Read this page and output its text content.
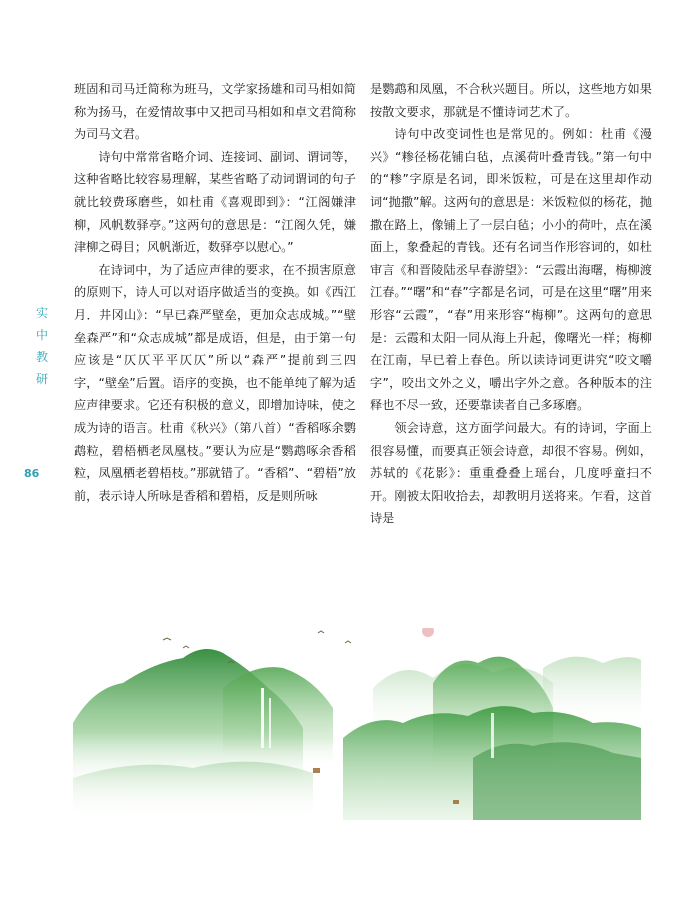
实中教研
86

班固和司马迁简称为班马，文学家扬雄和司马相如简称为扬马，在爱情故事中又把司马相如和卓文君简称为司马文君。

诗句中常常省略介词、连接词、副词、谓词等，这种省略比较容易理解，某些省略了动词谓词的句子就比较费琢磨些，如杜甫《喜观即到》：“江阁嫌津柳，风帆数驿亭。”这两句的意思是：“江阁久凭，嫌津柳之碍目；风帆渐近，数驿亭以慰心。”

在诗词中，为了适应声律的要求，在不损害原意的原则下，诗人可以对语序做适当的变换。如《西江月．井冈山》：“早已森严壁垒，更加众志成城。”“壁垒森严”和“众志成城”都是成语，但是，由于第一句应该是“仄仄平平仄仄”所以“森严”提前到三四字，“壁垒”后置。语序的变换，也不能单纯了解为适应声律要求。它还有积极的意义，即增加诗味，使之成为诗的语言。杜甫《秋兴》（第八首）“香稻啄余鹦鹉粒，碧梧栖老凤凰枝。”要认为应是“鹦鹉啄余香稻粒，凤凰栖老碧梧枝。”那就错了。“香稻”、“碧梧”放前，表示诗人所咏是香稻和碧梧，反是则所咏

是鹦鹉和凤凰，不合秋兴题目。所以，这些地方如果按散文要求，那就是不懂诗词艺术了。

诗句中改变词性也是常见的。例如：杜甫《漫兴》“糁径杨花铺白毡，点溪荷叶叠青钱。”第一句中的“糁”字原是名词，即米饭粒，可是在这里却作动词“抛撒”解。这两句的意思是：米饭粒似的杨花，抛撒在路上，像铺上了一层白毡；小小的荷叶，点在溪面上，象叠起的青钱。还有名词当作形容词的，如杜审言《和晋陵陆丞早春游望》：“云霞出海曙，梅柳渡江春。”“曙”和“春”字都是名词，可是在这里“曙”用来形容“云霞”，“春”用来形容“梅柳”。这两句的意思是：云霞和太阳一同从海上升起，像曙光一样；梅柳在江南，早已着上春色。所以读诗词更讲究“咬文嚼字”，咬出文外之义，嚼出字外之意。各种版本的注释也不尽一致，还要靠读者自己多琢磨。

领会诗意，这方面学问最大。有的诗词，字面上很容易懂，而要真正领会诗意，却很不容易。例如，苏轼的《花影》：重重叠叠上瑶台，几度呼童扫不开。刚被太阳收拾去，却教明月送将来。乍看，这首诗是
